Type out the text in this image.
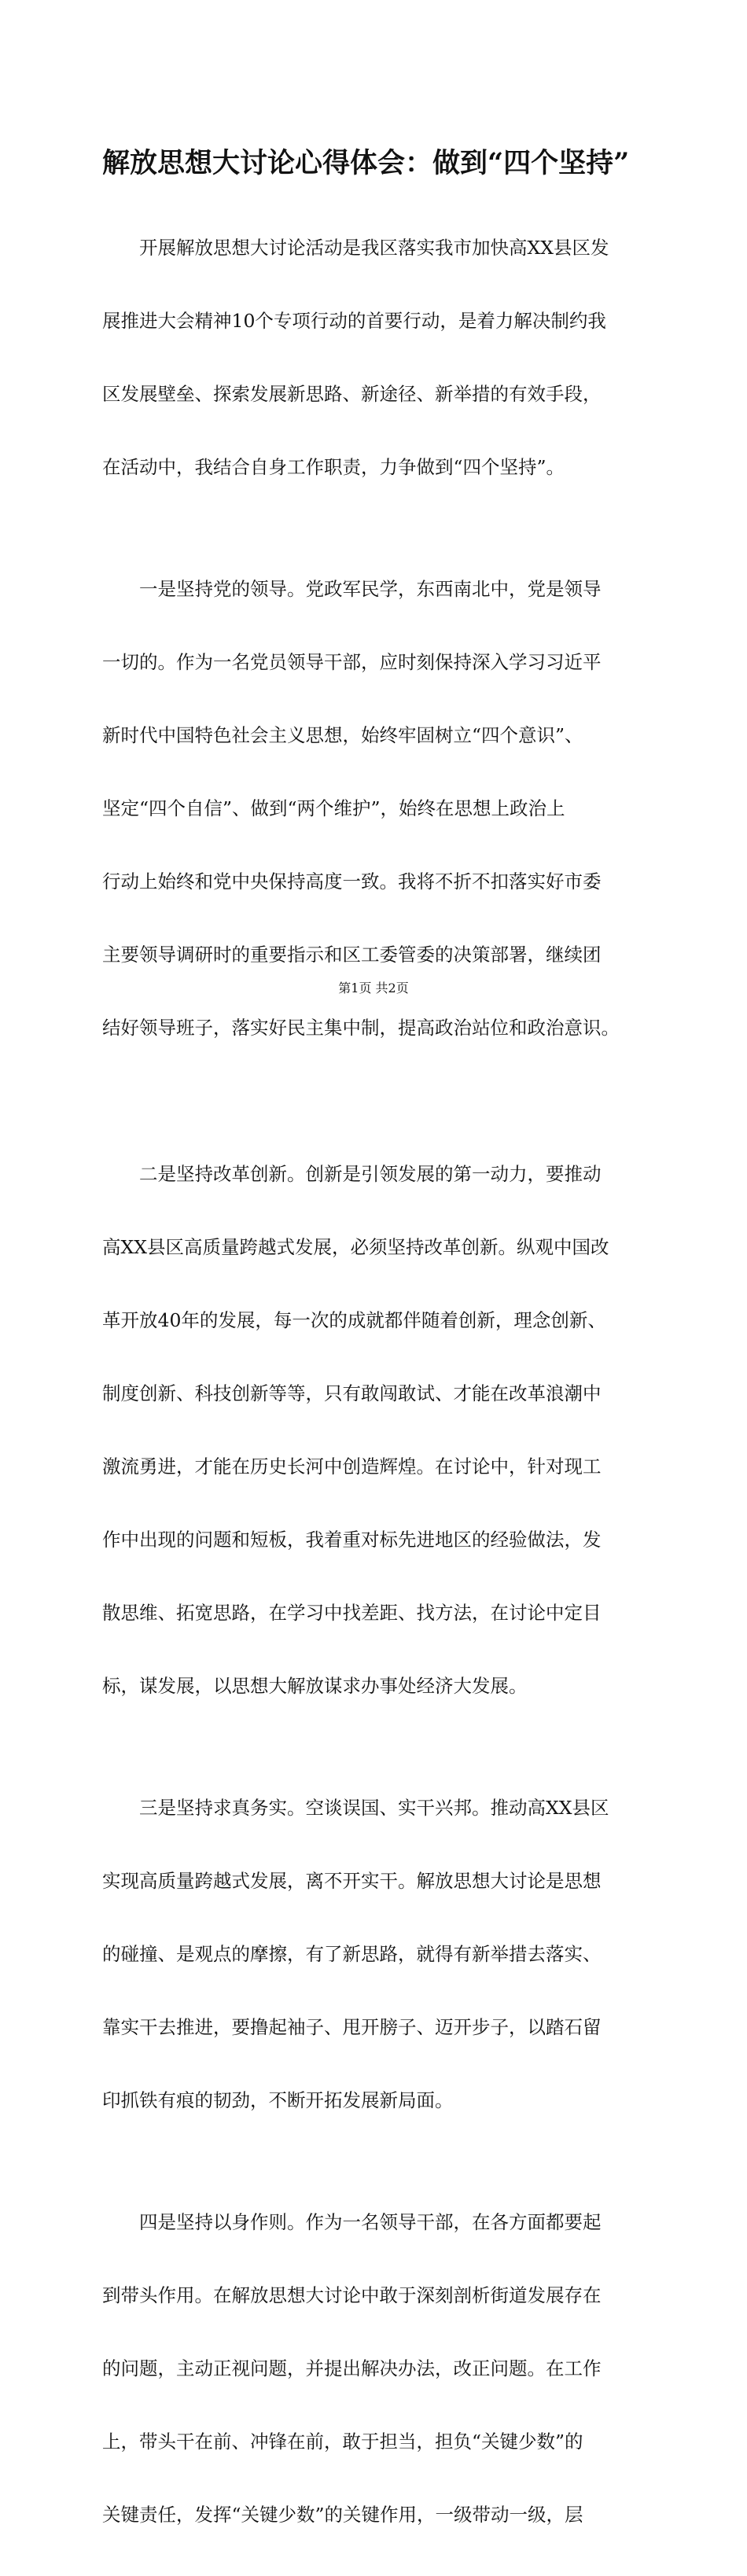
解放思想大讨论心得体会：做到“四个坚持”

　　开展解放思想大讨论活动是我区落实我市加快高XX县区发

展推进大会精神10个专项行动的首要行动，是着力解决制约我

区发展壁垒、探索发展新思路、新途径、新举措的有效手段，

在活动中，我结合自身工作职责，力争做到“四个坚持”。

　　一是坚持党的领导。党政军民学，东西南北中，党是领导

一切的。作为一名党员领导干部，应时刻保持深入学习习近平

新时代中国特色社会主义思想，始终牢固树立“四个意识”、

坚定“四个自信”、做到“两个维护”，始终在思想上政治上

行动上始终和党中央保持高度一致。我将不折不扣落实好市委

主要领导调研时的重要指示和区工委管委的决策部署，继续团

结好领导班子，落实好民主集中制，提高政治站位和政治意识。

　　二是坚持改革创新。创新是引领发展的第一动力，要推动

高XX县区高质量跨越式发展，必须坚持改革创新。纵观中国改

革开放40年的发展，每一次的成就都伴随着创新，理念创新、

制度创新、科技创新等等，只有敢闯敢试、才能在改革浪潮中

激流勇进，才能在历史长河中创造辉煌。在讨论中，针对现工

作中出现的问题和短板，我着重对标先进地区的经验做法，发

散思维、拓宽思路，在学习中找差距、找方法，在讨论中定目

标，谋发展，以思想大解放谋求办事处经济大发展。

　　三是坚持求真务实。空谈误国、实干兴邦。推动高XX县区

实现高质量跨越式发展，离不开实干。解放思想大讨论是思想

的碰撞、是观点的摩擦，有了新思路，就得有新举措去落实、

靠实干去推进，要撸起袖子、甩开膀子、迈开步子，以踏石留

印抓铁有痕的韧劲，不断开拓发展新局面。

　　四是坚持以身作则。作为一名领导干部，在各方面都要起

到带头作用。在解放思想大讨论中敢于深刻剖析街道发展存在

的问题，主动正视问题，并提出解决办法，改正问题。在工作

上，带头干在前、冲锋在前，敢于担当，担负“关键少数”的

关键责任，发挥“关键少数”的关键作用，一级带动一级，层

第1页 共2页
